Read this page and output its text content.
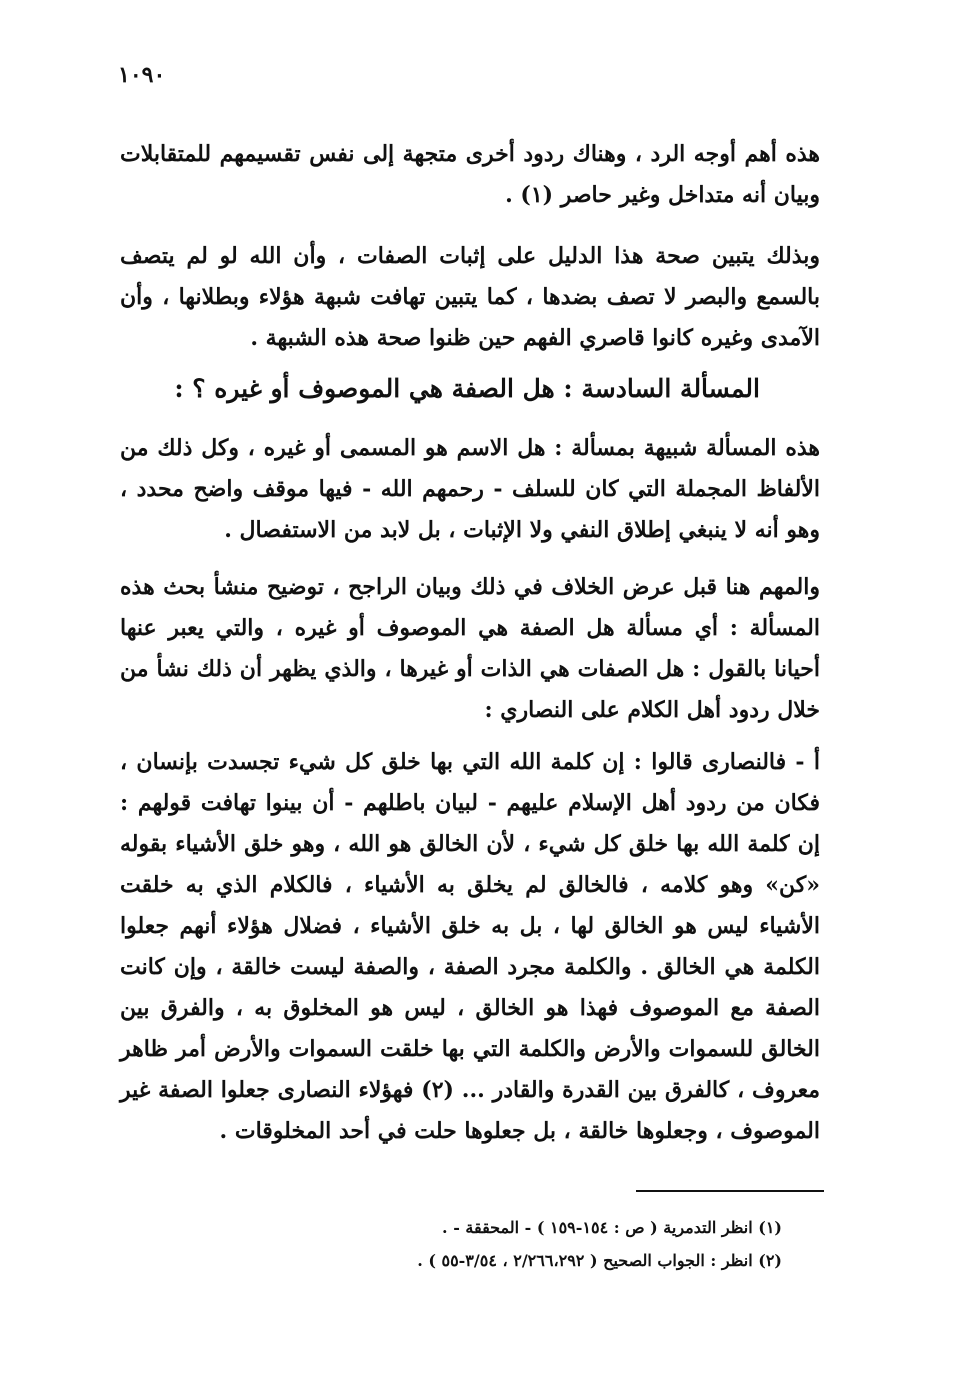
١٠٩٠

هذه أهم أوجه الرد ، وهناك ردود أخرى متجهة إلى نفس تقسيمهم للمتقابلات وبيان أنه متداخل وغير حاصر (١) .

وبذلك يتبين صحة هذا الدليل على إثبات الصفات ، وأن الله لو لم يتصف بالسمع والبصر لا تصف بضدها ، كما يتبين تهافت شبهة هؤلاء وبطلانها ، وأن الآمدى وغيره كانوا قاصري الفهم حين ظنوا صحة هذه الشبهة .

المسألة السادسة : هل الصفة هي الموصوف أو غيره ؟ :

هذه المسألة شبيهة بمسألة : هل الاسم هو المسمى أو غيره ، وكل ذلك من الألفاظ المجملة التي كان للسلف - رحمهم الله - فيها موقف واضح محدد ، وهو أنه لا ينبغي إطلاق النفي ولا الإثبات ، بل لابد من الاستفصال .

والمهم هنا قبل عرض الخلاف في ذلك وبيان الراجح ، توضيح منشأ بحث هذه المسألة : أي مسألة هل الصفة هي الموصوف أو غيره ، والتي يعبر عنها أحيانا بالقول : هل الصفات هي الذات أو غيرها ، والذي يظهر أن ذلك نشأ من خلال ردود أهل الكلام على النصاري :

أ - فالنصارى قالوا : إن كلمة الله التي بها خلق كل شيء تجسدت بإنسان ، فكان من ردود أهل الإسلام عليهم - لبيان باطلهم - أن بينوا تهافت قولهم : إن كلمة الله بها خلق كل شيء ، لأن الخالق هو الله ، وهو خلق الأشياء بقوله «كن» وهو كلامه ، فالخالق لم يخلق به الأشياء ، فالكلام الذي به خلقت الأشياء ليس هو الخالق لها ، بل به خلق الأشياء ، فضلال هؤلاء أنهم جعلوا الكلمة هي الخالق . والكلمة مجرد الصفة ، والصفة ليست خالقة ، وإن كانت الصفة مع الموصوف فهذا هو الخالق ، ليس هو المخلوق به ، والفرق بين الخالق للسموات والأرض والكلمة التي بها خلقت السموات والأرض أمر ظاهر معروف ، كالفرق بين القدرة والقادر ... (٢) فهؤلاء النصارى جعلوا الصفة غير الموصوف ، وجعلوها خالقة ، بل جعلوها حلت في أحد المخلوقات .

(١) انظر التدمرية ( ص : ١٥٤-١٥٩ ) - المحققة - .
(٢) انظر : الجواب الصحيح ( ٢/٢٦٦،٢٩٢ ، ٣/٥٤-٥٥ ) .
